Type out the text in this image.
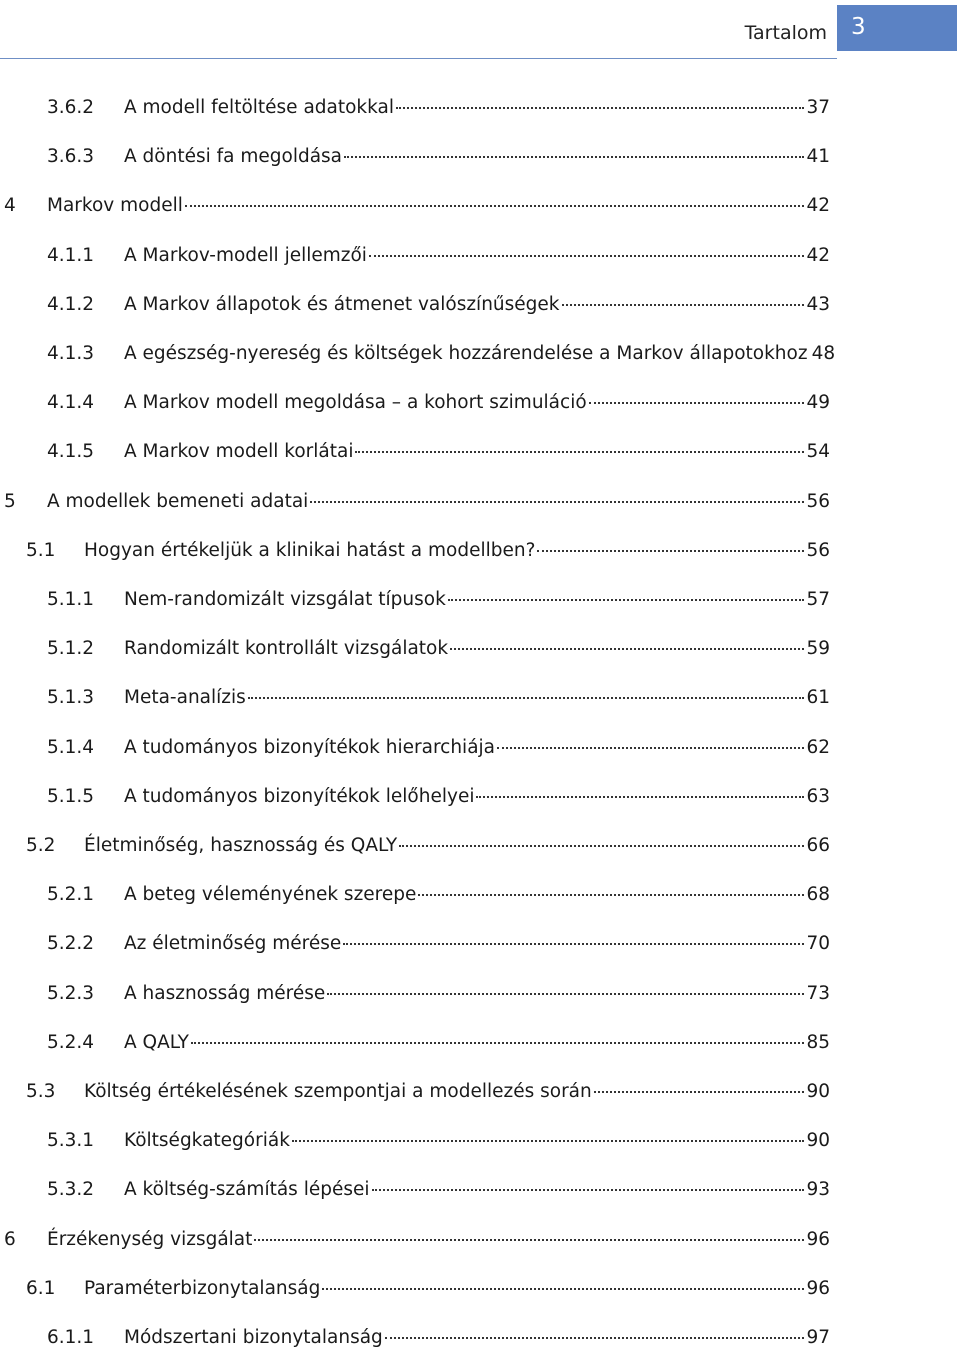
Tartalom 3
3.6.2 A modell feltöltése adatokkal	37
3.6.3 A döntési fa megoldása	41
4 Markov modell	42
4.1.1 A Markov-modell jellemzői	42
4.1.2 A Markov állapotok és átmenet valószínűségek	43
4.1.3 A egészség-nyereség és költségek hozzárendelése a Markov állapotokhoz 48
4.1.4 A Markov modell megoldása – a kohort szimuláció	49
4.1.5 A Markov modell korlátai	54
5 A modellek bemeneti adatai	56
5.1 Hogyan értékeljük a klinikai hatást a modellben?	56
5.1.1 Nem-randomizált vizsgálat típusok	57
5.1.2 Randomizált kontrollált vizsgálatok	59
5.1.3 Meta-analízis	61
5.1.4 A tudományos bizonyítékok hierarchiája	62
5.1.5 A tudományos bizonyítékok lelőhelyei	63
5.2 Életminőség, hasznosság és QALY	66
5.2.1 A beteg véleményének szerepe	68
5.2.2 Az életminőség mérése	70
5.2.3 A hasznosság mérése	73
5.2.4 A QALY	85
5.3 Költség értékelésének szempontjai a modellezés során	90
5.3.1 Költségkategóriák	90
5.3.2 A költség-számítás lépései	93
6 Érzékenység vizsgálat	96
6.1 Paraméterbizonytalanság	96
6.1.1 Módszertani bizonytalanság	97
